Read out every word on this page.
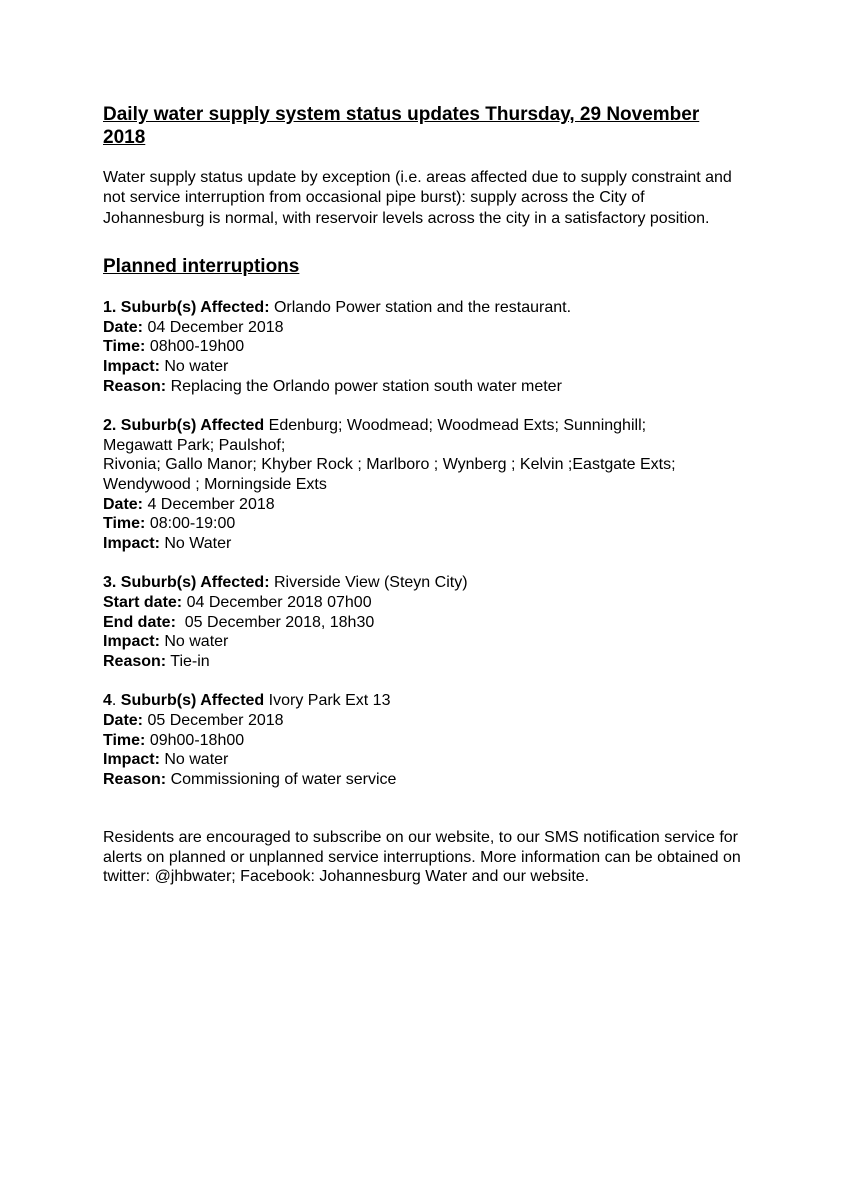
Daily water supply system status updates Thursday, 29 November 2018

Water supply status update by exception (i.e. areas affected due to supply constraint and not service interruption from occasional pipe burst): supply across the City of Johannesburg is normal, with reservoir levels across the city in a satisfactory position.

Planned interruptions
1. Suburb(s) Affected: Orlando Power station and the restaurant.
Date: 04 December 2018
Time: 08h00-19h00
Impact: No water
Reason: Replacing the Orlando power station south water meter
2. Suburb(s) Affected Edenburg; Woodmead; Woodmead Exts; Sunninghill;
Megawatt Park; Paulshof;
Rivonia; Gallo Manor; Khyber Rock ; Marlboro ; Wynberg ; Kelvin ;Eastgate Exts;
Wendywood ; Morningside Exts
Date: 4 December 2018
Time: 08:00-19:00
Impact: No Water
3. Suburb(s) Affected: Riverside View (Steyn City)
Start date: 04 December 2018 07h00
End date:  05 December 2018, 18h30
Impact: No water
Reason: Tie-in
4. Suburb(s) Affected Ivory Park Ext 13
Date: 05 December 2018
Time: 09h00-18h00
Impact: No water
Reason: Commissioning of water service

Residents are encouraged to subscribe on our website, to our SMS notification service for alerts on planned or unplanned service interruptions. More information can be obtained on twitter: @jhbwater; Facebook: Johannesburg Water and our website.
